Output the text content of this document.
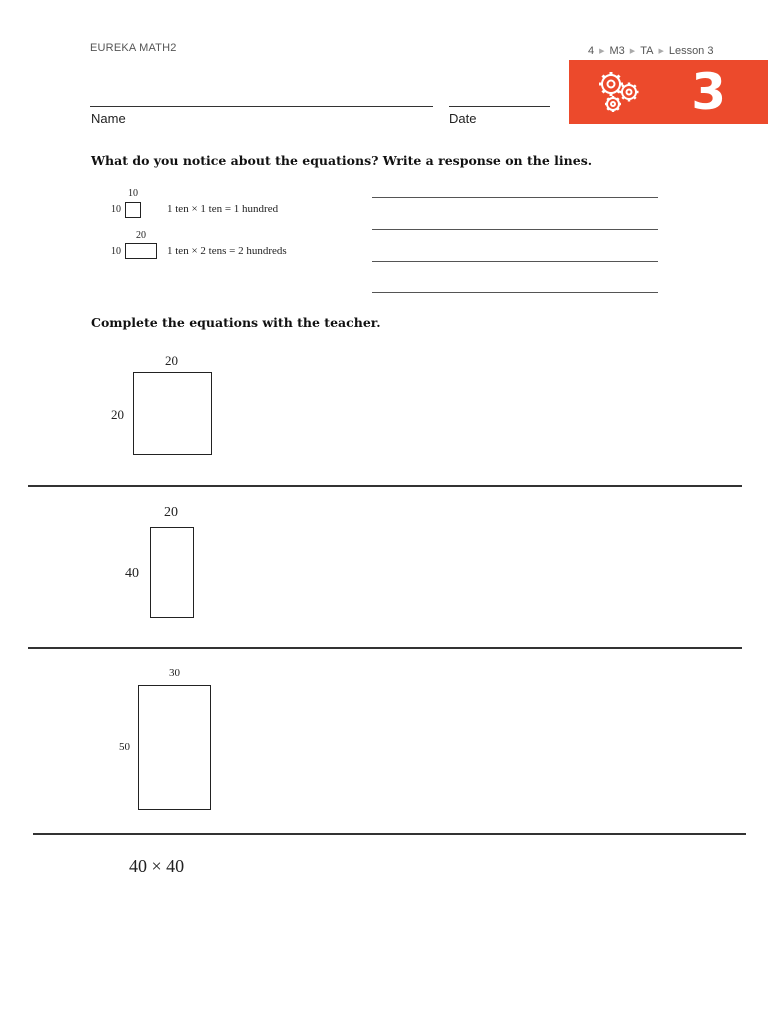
EUREKA MATH2	4 ▶ M3 ▶ TA ▶ Lesson 3
3
Name	Date
What do you notice about the equations? Write a response on the lines.
10
10	1 ten × 1 ten = 1 hundred
20
10	1 ten × 2 tens = 2 hundreds
Complete the equations with the teacher.
20
20
20
40
30
50
40 × 40
